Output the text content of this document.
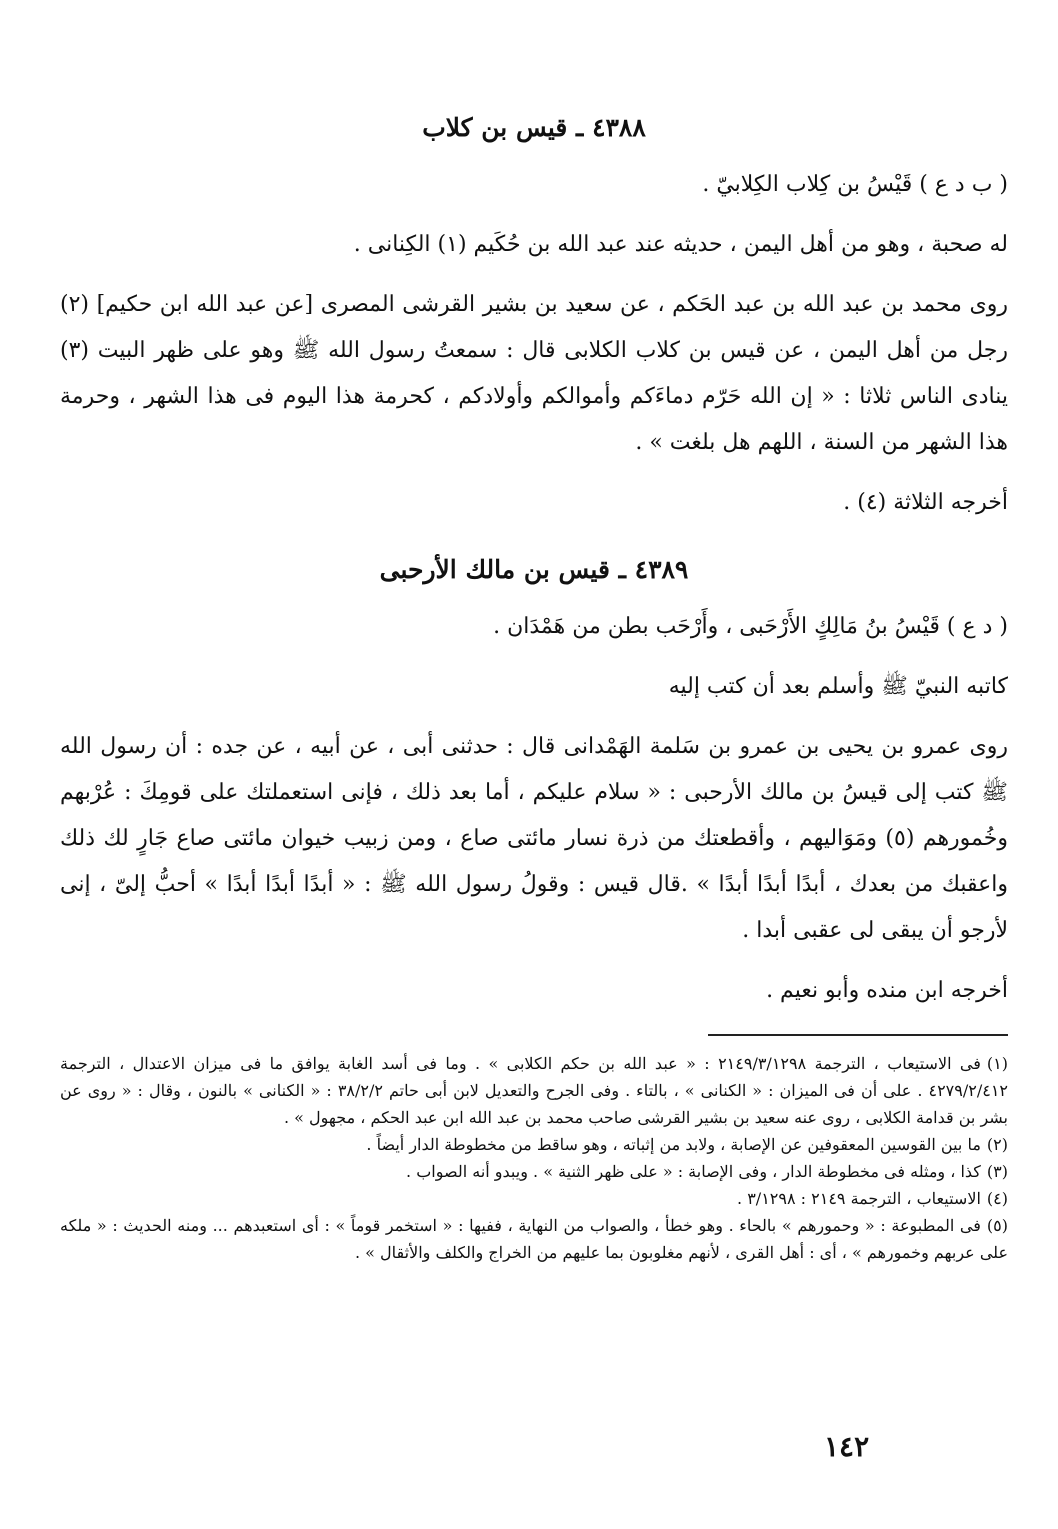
٤٣٨٨ ـ قيس بن كلاب

( ب د ع ) قَيْسُ بن كِلاب الكِلابيّ .

له صحبة ، وهو من أهل اليمن ، حديثه عند عبد الله بن حُكَيم (١) الكِنانى .

روى محمد بن عبد الله بن عبد الحَكم ، عن سعيد بن بشير القرشى المصرى [عن عبد الله ابن حكيم] (٢) رجل من أهل اليمن ، عن قيس بن كلاب الكلابى قال : سمعتُ رسول الله ﷺ وهو على ظهر البيت (٣) ينادى الناس ثلاثا : « إن الله حَرّم دماءَكم وأموالكم وأولادكم ، كحرمة هذا اليوم فى هذا الشهر ، وحرمة هذا الشهر من السنة ، اللهم هل بلغت » .

أخرجه الثلاثة (٤) .

٤٣٨٩ ـ قيس بن مالك الأرحبى

( د ع ) قَيْسُ بنُ مَالِكٍ الأَرْحَبى ، وأَرْحَب بطن من هَمْدَان .

كاتبه النبيّ ﷺ وأسلم بعد أن كتب إليه

روى عمرو بن يحيى بن عمرو بن سَلمة الهَمْدانى قال : حدثنى أبى ، عن أبيه ، عن جده : أن رسول الله ﷺ كتب إلى قيسُ بن مالك الأرحبى : « سلام عليكم ، أما بعد ذلك ، فإنى استعملتك على قومِكَ : عُرْبهم وخُمورهم (٥) ومَوَاليهم ، وأقطعتك من ذرة نسار مائتى صاع ، ومن زبيب خيوان مائتى صاع جَارٍ لك ذلك واعقبك من بعدك ، أبدًا أبدًا أبدًا » .قال قيس : وقولُ رسول الله ﷺ : « أبدًا أبدًا أبدًا » أحبُّ إلىّ ، إنى لأرجو أن يبقى لى عقبى أبدا .

أخرجه ابن منده وأبو نعيم .

(١)فى الاستيعاب ، الترجمة ٢١٤٩/٣/١٢٩٨ : « عبد الله بن حكم الكلابى » . وما فى أسد الغابة يوافق ما فى ميزان الاعتدال ، الترجمة ٤٢٧٩/٢/٤١٢ . على أن فى الميزان : « الكنانى » ، بالتاء . وفى الجرح والتعديل لابن أبى حاتم ٣٨/٢/٢ : « الكنانى » بالنون ، وقال : « روى عن بشر بن قدامة الكلابى ، روى عنه سعيد بن بشير القرشى صاحب محمد بن عبد الله ابن عبد الحكم ، مجهول » .

(٢)ما بين القوسين المعقوفين عن الإصابة ، ولابد من إثباته ، وهو ساقط من مخطوطة الدار أيضاً .

(٣)كذا ، ومثله فى مخطوطة الدار ، وفى الإصابة : « على ظهر الثنية » . ويبدو أنه الصواب .

(٤)الاستيعاب ، الترجمة ٢١٤٩ : ٣/١٢٩٨ .

(٥)فى المطبوعة : « وحمورهم » بالحاء . وهو خطأ ، والصواب من النهاية ، ففيها : « استخمر قوماً » : أى استعبدهم ... ومنه الحديث : « ملكه على عربهم وخمورهم » ، أى : أهل القرى ، لأنهم مغلوبون بما عليهم من الخراج والكلف والأثقال » .

١٤٢
